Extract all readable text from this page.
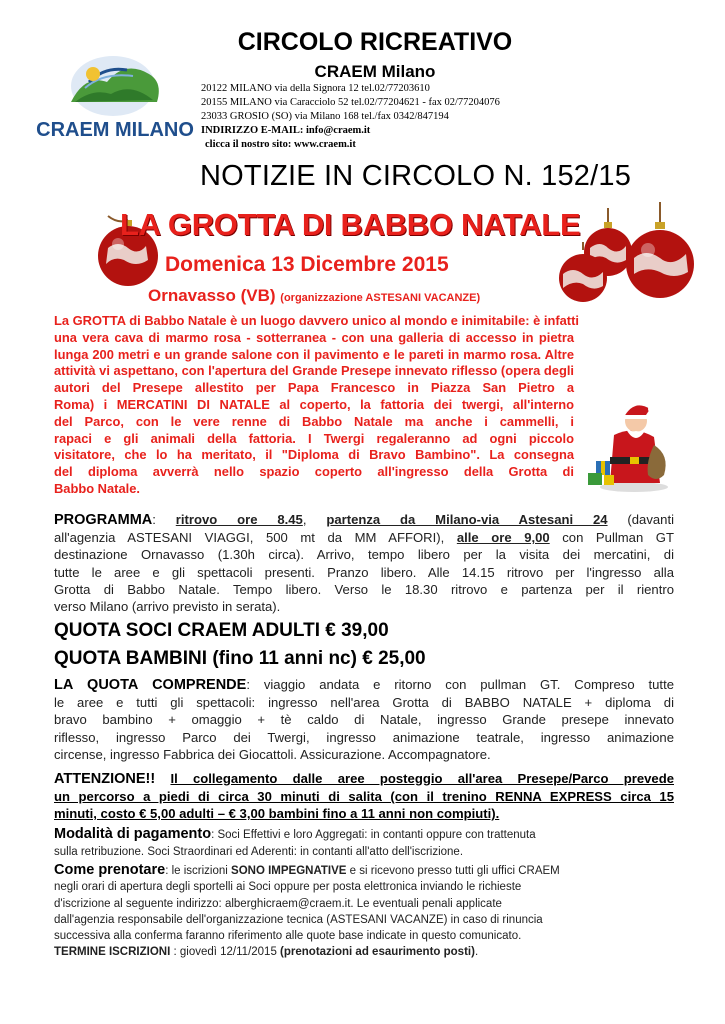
CRAEM MILANO
CIRCOLO RICREATIVO
CRAEM Milano
20122 MILANO via della Signora 12 tel.02/77203610
20155 MILANO via Caracciolo 52 tel.02/77204621 - fax 02/77204076
23033 GROSIO (SO) via Milano 168 tel./fax 0342/847194
INDIRIZZO E-MAIL: info@craem.it
clicca il nostro sito: www.craem.it
NOTIZIE IN CIRCOLO N. 152/15
LA GROTTA DI BABBO NATALE
Domenica 13 Dicembre 2015
Ornavasso (VB) (organizzazione ASTESANI VACANZE)
La GROTTA di Babbo Natale è un luogo davvero unico al mondo e inimitabile: è infatti
una vera cava di marmo rosa - sotterranea - con una galleria di accesso in pietra
lunga 200 metri e un grande salone con il pavimento e le pareti in marmo rosa. Altre
attività vi aspettano, con l'apertura del Grande Presepe innevato riflesso (opera degli
autori del Presepe allestito per Papa Francesco in Piazza San Pietro a
Roma) i MERCATINI DI NATALE al coperto, la fattoria dei twergi, all'interno
del Parco, con le vere renne di Babbo Natale ma anche i cammelli, i
rapaci e gli animali della fattoria. I Twergi regaleranno ad ogni piccolo
visitatore, che lo ha meritato, il "Diploma di Bravo Bambino". La consegna
del diploma avverrà nello spazio coperto all'ingresso della Grotta di
Babbo Natale.
PROGRAMMA: ritrovo ore 8.45, partenza da Milano-via Astesani 24 (davanti
all'agenzia ASTESANI VIAGGI, 500 mt da MM AFFORI), alle ore 9,00 con Pullman GT
destinazione Ornavasso (1.30h circa). Arrivo, tempo libero per la visita dei mercatini, di
tutte le aree e gli spettacoli presenti. Pranzo libero. Alle 14.15 ritrovo per l'ingresso alla
Grotta di Babbo Natale. Tempo libero. Verso le 18.30 ritrovo e partenza per il rientro
verso Milano (arrivo previsto in serata).
QUOTA SOCI CRAEM ADULTI € 39,00
QUOTA BAMBINI (fino 11 anni nc) € 25,00
LA QUOTA COMPRENDE: viaggio andata e ritorno con pullman GT. Compreso tutte
le aree e tutti gli spettacoli: ingresso nell'area Grotta di BABBO NATALE + diploma di
bravo bambino + omaggio + tè caldo di Natale, ingresso Grande presepe innevato
riflesso, ingresso Parco dei Twergi, ingresso animazione teatrale, ingresso animazione
circense, ingresso Fabbrica dei Giocattoli. Assicurazione. Accompagnatore.
ATTENZIONE!! Il collegamento dalle aree posteggio all'area Presepe/Parco prevede
un percorso a piedi di circa 30 minuti di salita (con il trenino RENNA EXPRESS circa 15
minuti, costo € 5,00 adulti – € 3,00 bambini fino a 11 anni non compiuti).
Modalità di pagamento: Soci Effettivi e loro Aggregati: in contanti oppure con trattenuta
sulla retribuzione. Soci Straordinari ed Aderenti: in contanti all'atto dell'iscrizione.
Come prenotare: le iscrizioni SONO IMPEGNATIVE e si ricevono presso tutti gli uffici CRAEM
negli orari di apertura degli sportelli ai Soci oppure per posta elettronica inviando le richieste
d'iscrizione al seguente indirizzo: alberghicraem@craem.it. Le eventuali penali applicate
dall'agenzia responsabile dell'organizzazione tecnica (ASTESANI VACANZE) in caso di rinuncia
successiva alla conferma faranno riferimento alle quote base indicate in questo comunicato.
TERMINE ISCRIZIONI : giovedì 12/11/2015 (prenotazioni ad esaurimento posti).
